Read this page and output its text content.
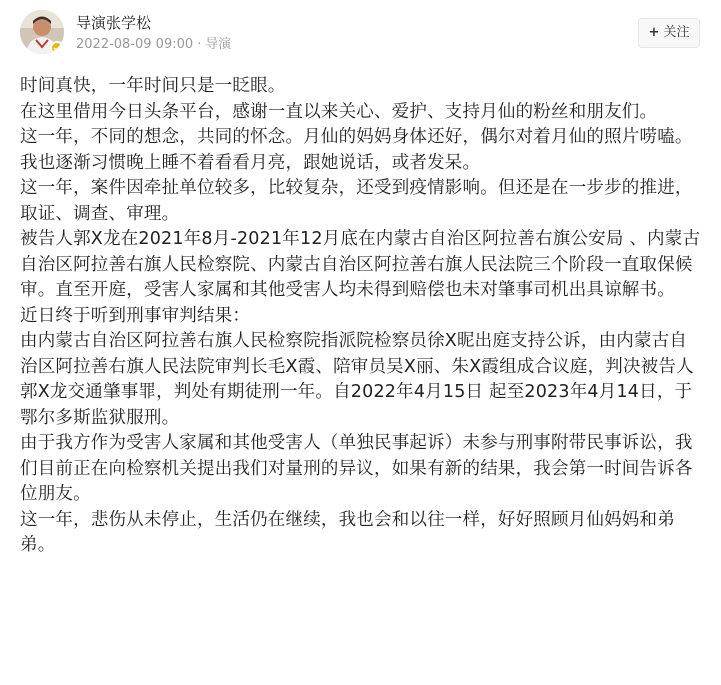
导演张学松
2022-08-09 09:00 · 导演
+ 关注

时间真快，一年时间只是一眨眼。

在这里借用今日头条平台，感谢一直以来关心、爱护、支持月仙的粉丝和朋友们。

这一年，不同的想念，共同的怀念。月仙的妈妈身体还好，偶尔对着月仙的照片唠嗑。我也逐渐习惯晚上睡不着看看月亮，跟她说话，或者发呆。

这一年，案件因牵扯单位较多，比较复杂，还受到疫情影响。但还是在一步步的推进，取证、调查、审理。

被告人郭X龙在2021年8月-2021年12月底在内蒙古自治区阿拉善右旗公安局 、内蒙古自治区阿拉善右旗人民检察院、内蒙古自治区阿拉善右旗人民法院三个阶段一直取保候审。直至开庭，受害人家属和其他受害人均未得到赔偿也未对肇事司机出具谅解书。

近日终于听到刑事审判结果：

由内蒙古自治区阿拉善右旗人民检察院指派院检察员徐X昵出庭支持公诉，由内蒙古自治区阿拉善右旗人民法院审判长毛X霞、陪审员吴X丽、朱X霞组成合议庭，判决被告人郭X龙交通肇事罪，判处有期徒刑一年。自2022年4月15日 起至2023年4月14日，于鄂尔多斯监狱服刑。

由于我方作为受害人家属和其他受害人（单独民事起诉）未参与刑事附带民事诉讼，我们目前正在向检察机关提出我们对量刑的异议，如果有新的结果，我会第一时间告诉各位朋友。

这一年，悲伤从未停止，生活仍在继续，我也会和以往一样，好好照顾月仙妈妈和弟弟。
